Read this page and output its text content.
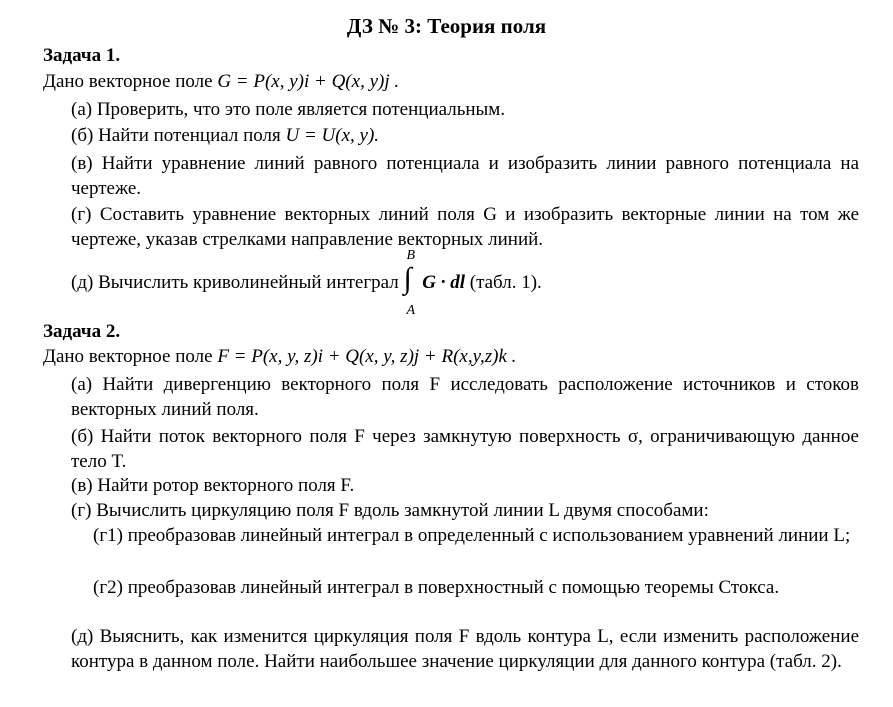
ДЗ № 3: Теория поля
Задача 1.
Дано векторное поле G = P(x, y)i + Q(x, y)j .
(а) Проверить, что это поле является потенциальным.
(б) Найти потенциал поля U = U(x, y).
(в) Найти уравнение линий равного потенциала и изобразить линии равного потенциала на чертеже.
(г) Составить уравнение векторных линий поля G и изобразить векторные линии на том же чертеже, указав стрелками направление векторных линий.
(д) Вычислить криволинейный интеграл
B
∫
A
G · dl (табл. 1).
Задача 2.
Дано векторное поле F = P(x, y, z)i + Q(x, y, z)j + R(x,y,z)k .
(а) Найти дивергенцию векторного поля F исследовать расположение источников и стоков векторных линий поля.
(б) Найти поток векторного поля F через замкнутую поверхность σ, ограничивающую данное тело T.
(в) Найти ротор векторного поля F.
(г) Вычислить циркуляцию поля F вдоль замкнутой линии L двумя способами:
(г1) преобразовав линейный интеграл в определенный с использованием уравнений линии L;
(г2) преобразовав линейный интеграл в поверхностный с помощью теоремы Стокса.
(д) Выяснить, как изменится циркуляция поля F вдоль контура L, если изменить расположение контура в данном поле. Найти наибольшее значение циркуляции для данного контура (табл. 2).
